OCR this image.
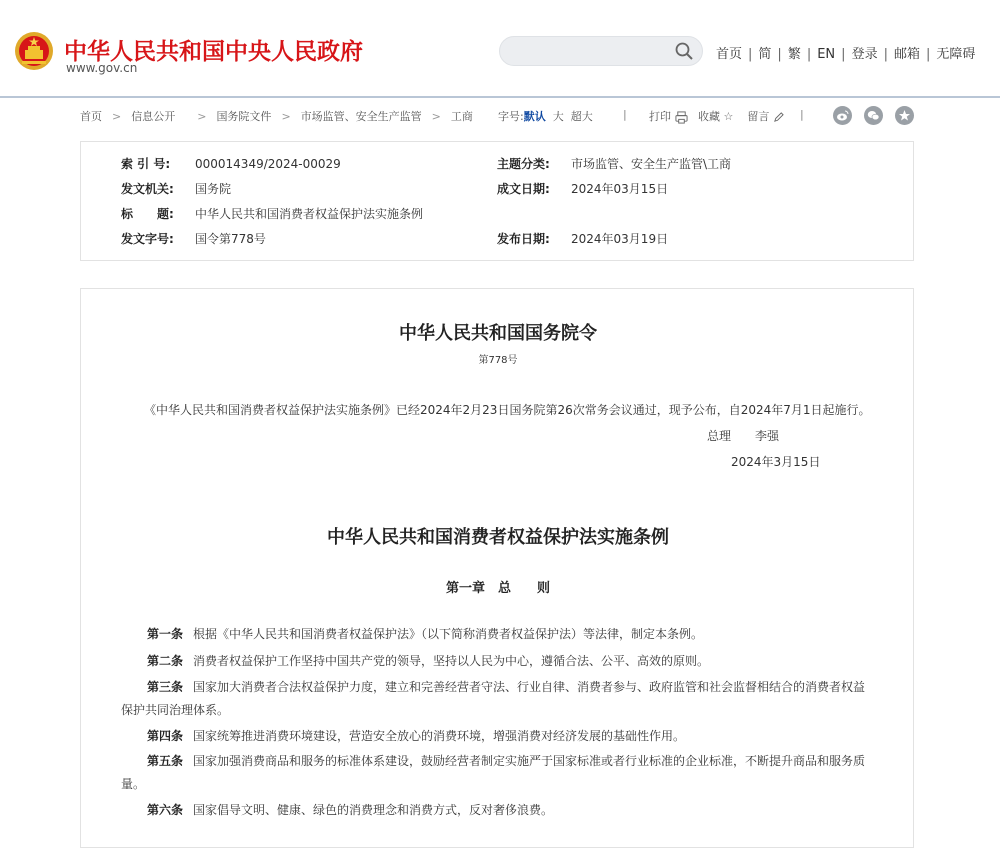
中华人民共和国中央人民政府
www.gov.cn
首页 | 简 | 繁 | EN | 登录 | 邮箱 | 无障碍
首页 > 信息公开 > 国务院文件 > 市场监管、安全生产监管 > 工商 字号:默认 大 超大	| 打印 收藏 ☆ 留言	|
索 引 号: 000014349/2024-00029	主题分类: 市场监管、安全生产监管\工商
发文机关: 国务院	成文日期: 2024年03月15日
标　　题: 中华人民共和国消费者权益保护法实施条例
发文字号: 国令第778号	发布日期: 2024年03月19日
中华人民共和国国务院令
第778号
《中华人民共和国消费者权益保护法实施条例》已经2024年2月23日国务院第26次常务会议通过，现予公布，自2024年7月1日起施行。
总理　　李强
2024年3月15日
中华人民共和国消费者权益保护法实施条例
第一章　总　　则
第一条 根据《中华人民共和国消费者权益保护法》（以下简称消费者权益保护法）等法律，制定本条例。
第二条 消费者权益保护工作坚持中国共产党的领导，坚持以人民为中心，遵循合法、公平、高效的原则。
第三条 国家加大消费者合法权益保护力度，建立和完善经营者守法、行业自律、消费者参与、政府监管和社会监督相结合的消费者权益保护共同治理体系。
第四条 国家统筹推进消费环境建设，营造安全放心的消费环境，增强消费对经济发展的基础性作用。
第五条 国家加强消费商品和服务的标准体系建设，鼓励经营者制定实施严于国家标准或者行业标准的企业标准，不断提升商品和服务质量。
第六条 国家倡导文明、健康、绿色的消费理念和消费方式，反对奢侈浪费。
